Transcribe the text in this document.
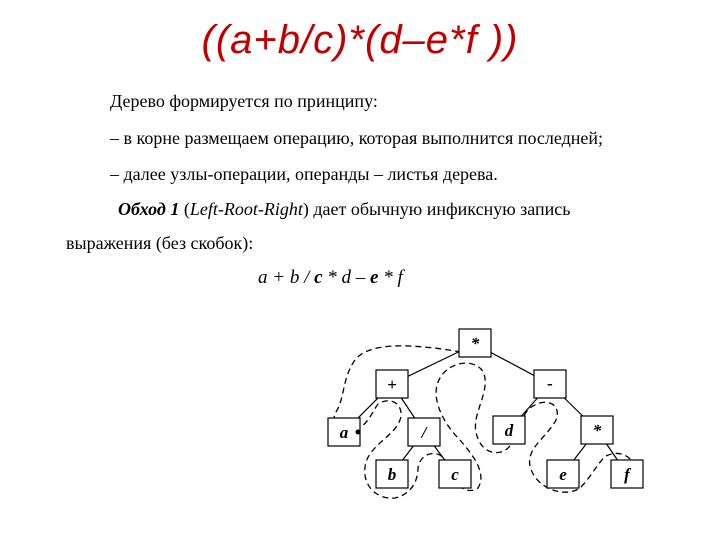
((a+b/c)*(d–e*f ))
Дерево формируется по принципу:
– в корне размещаем операцию, которая выполнится последней;
– далее узлы-операции, операнды – листья дерева.
Обход 1 (Left-Root-Right) дает обычную инфиксную запись
выражения (без скобок):
a + b / c * d – e * f
*
+	-
a	/	d	*
b	c	e	f
